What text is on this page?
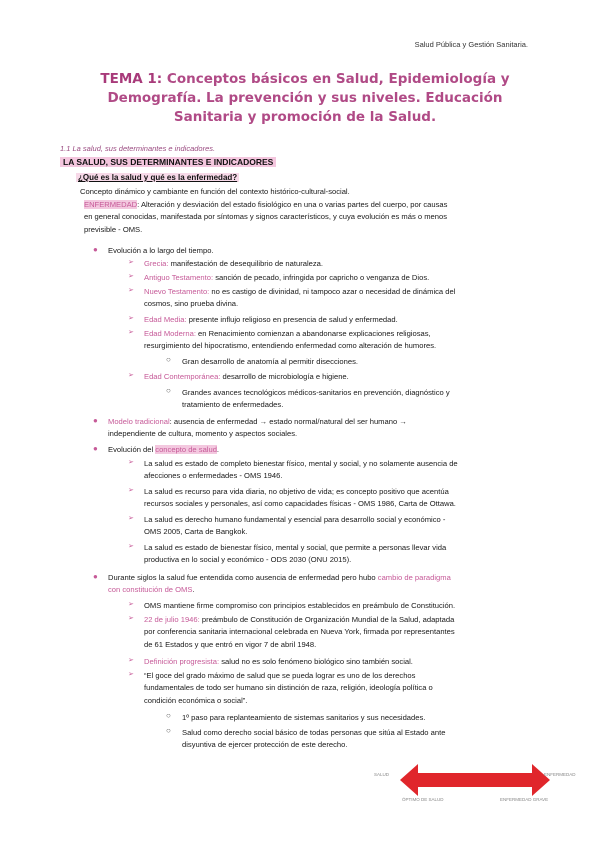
Salud Pública y Gestión Sanitaria.
TEMA 1: Conceptos básicos en Salud, Epidemiología y
Demografía. La prevención y sus niveles. Educación
Sanitaria y promoción de la Salud.
1.1 La salud, sus determinantes e indicadores.
LA SALUD, SUS DETERMINANTES E INDICADORES
¿Qué es la salud y qué es la enfermedad?
Concepto dinámico y cambiante en función del contexto histórico-cultural-social.
ENFERMEDAD: Alteración y desviación del estado fisiológico en una o varias partes del cuerpo, por causas
en general conocidas, manifestada por síntomas y signos característicos, y cuya evolución es más o menos
previsible - OMS.
● Evolución a lo largo del tiempo.
➢ Grecia: manifestación de desequilibrio de naturaleza.
➢ Antiguo Testamento: sanción de pecado, infringida por capricho o venganza de Dios.
➢ Nuevo Testamento: no es castigo de divinidad, ni tampoco azar o necesidad de dinámica del
cosmos, sino prueba divina.
➢ Edad Media: presente influjo religioso en presencia de salud y enfermedad.
➢ Edad Moderna: en Renacimiento comienzan a abandonarse explicaciones religiosas,
resurgimiento del hipocratismo, entendiendo enfermedad como alteración de humores.
○ Gran desarrollo de anatomía al permitir disecciones.
➢ Edad Contemporánea: desarrollo de microbiología e higiene.
○ Grandes avances tecnológicos médicos-sanitarios en prevención, diagnóstico y
tratamiento de enfermedades.
● Modelo tradicional: ausencia de enfermedad → estado normal/natural del ser humano →
independiente de cultura, momento y aspectos sociales.
● Evolución del concepto de salud.
➢ La salud es estado de completo bienestar físico, mental y social, y no solamente ausencia de
afecciones o enfermedades - OMS 1946.
➢ La salud es recurso para vida diaria, no objetivo de vida; es concepto positivo que acentúa
recursos sociales y personales, así como capacidades físicas - OMS 1986, Carta de Ottawa.
➢ La salud es derecho humano fundamental y esencial para desarrollo social y económico -
OMS 2005, Carta de Bangkok.
➢ La salud es estado de bienestar físico, mental y social, que permite a personas llevar vida
productiva en lo social y económico - ODS 2030 (ONU 2015).
● Durante siglos la salud fue entendida como ausencia de enfermedad pero hubo cambio de paradigma
con constitución de OMS.
➢ OMS mantiene firme compromiso con principios establecidos en preámbulo de Constitución.
➢ 22 de julio 1946: preámbulo de Constitución de Organización Mundial de la Salud, adaptada
por conferencia sanitaria internacional celebrada en Nueva York, firmada por representantes
de 61 Estados y que entró en vigor 7 de abril 1948.
➢ Definición progresista: salud no es solo fenómeno biológico sino también social.
➢ “El goce del grado máximo de salud que se pueda lograr es uno de los derechos
fundamentales de todo ser humano sin distinción de raza, religión, ideología política o
condición económica o social”.
○ 1º paso para replanteamiento de sistemas sanitarios y sus necesidades.
○ Salud como derecho social básico de todas personas que sitúa al Estado ante
disyuntiva de ejercer protección de este derecho.
SALUD	ENFERMEDAD
ÓPTIMO DE SALUD	ENFERMEDAD GRAVE
